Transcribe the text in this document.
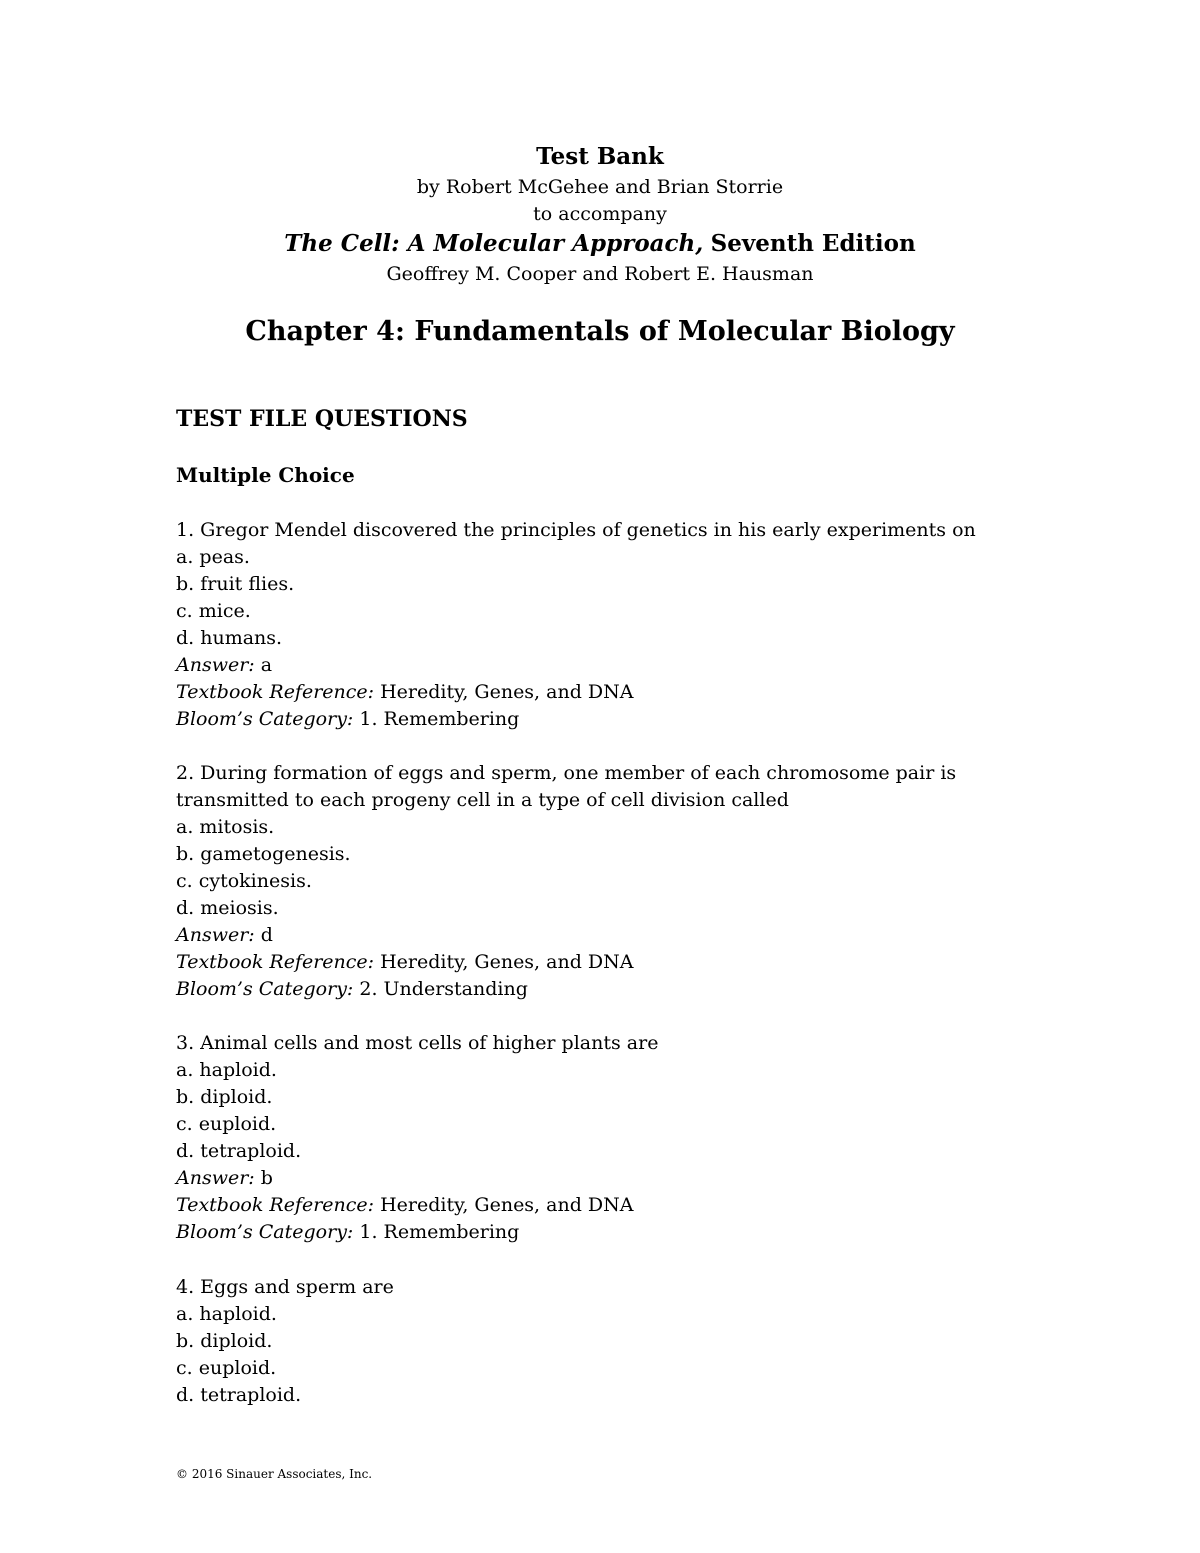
Test Bank
by Robert McGehee and Brian Storrie
to accompany
The Cell: A Molecular Approach, Seventh Edition
Geoffrey M. Cooper and Robert E. Hausman
Chapter 4: Fundamentals of Molecular Biology
TEST FILE QUESTIONS
Multiple Choice
1. Gregor Mendel discovered the principles of genetics in his early experiments on
a. peas.
b. fruit flies.
c. mice.
d. humans.
Answer: a
Textbook Reference: Heredity, Genes, and DNA
Bloom’s Category: 1. Remembering
2. During formation of eggs and sperm, one member of each chromosome pair is
transmitted to each progeny cell in a type of cell division called
a. mitosis.
b. gametogenesis.
c. cytokinesis.
d. meiosis.
Answer: d
Textbook Reference: Heredity, Genes, and DNA
Bloom’s Category: 2. Understanding
3. Animal cells and most cells of higher plants are
a. haploid.
b. diploid.
c. euploid.
d. tetraploid.
Answer: b
Textbook Reference: Heredity, Genes, and DNA
Bloom’s Category: 1. Remembering
4. Eggs and sperm are
a. haploid.
b. diploid.
c. euploid.
d. tetraploid.
© 2016 Sinauer Associates, Inc.
